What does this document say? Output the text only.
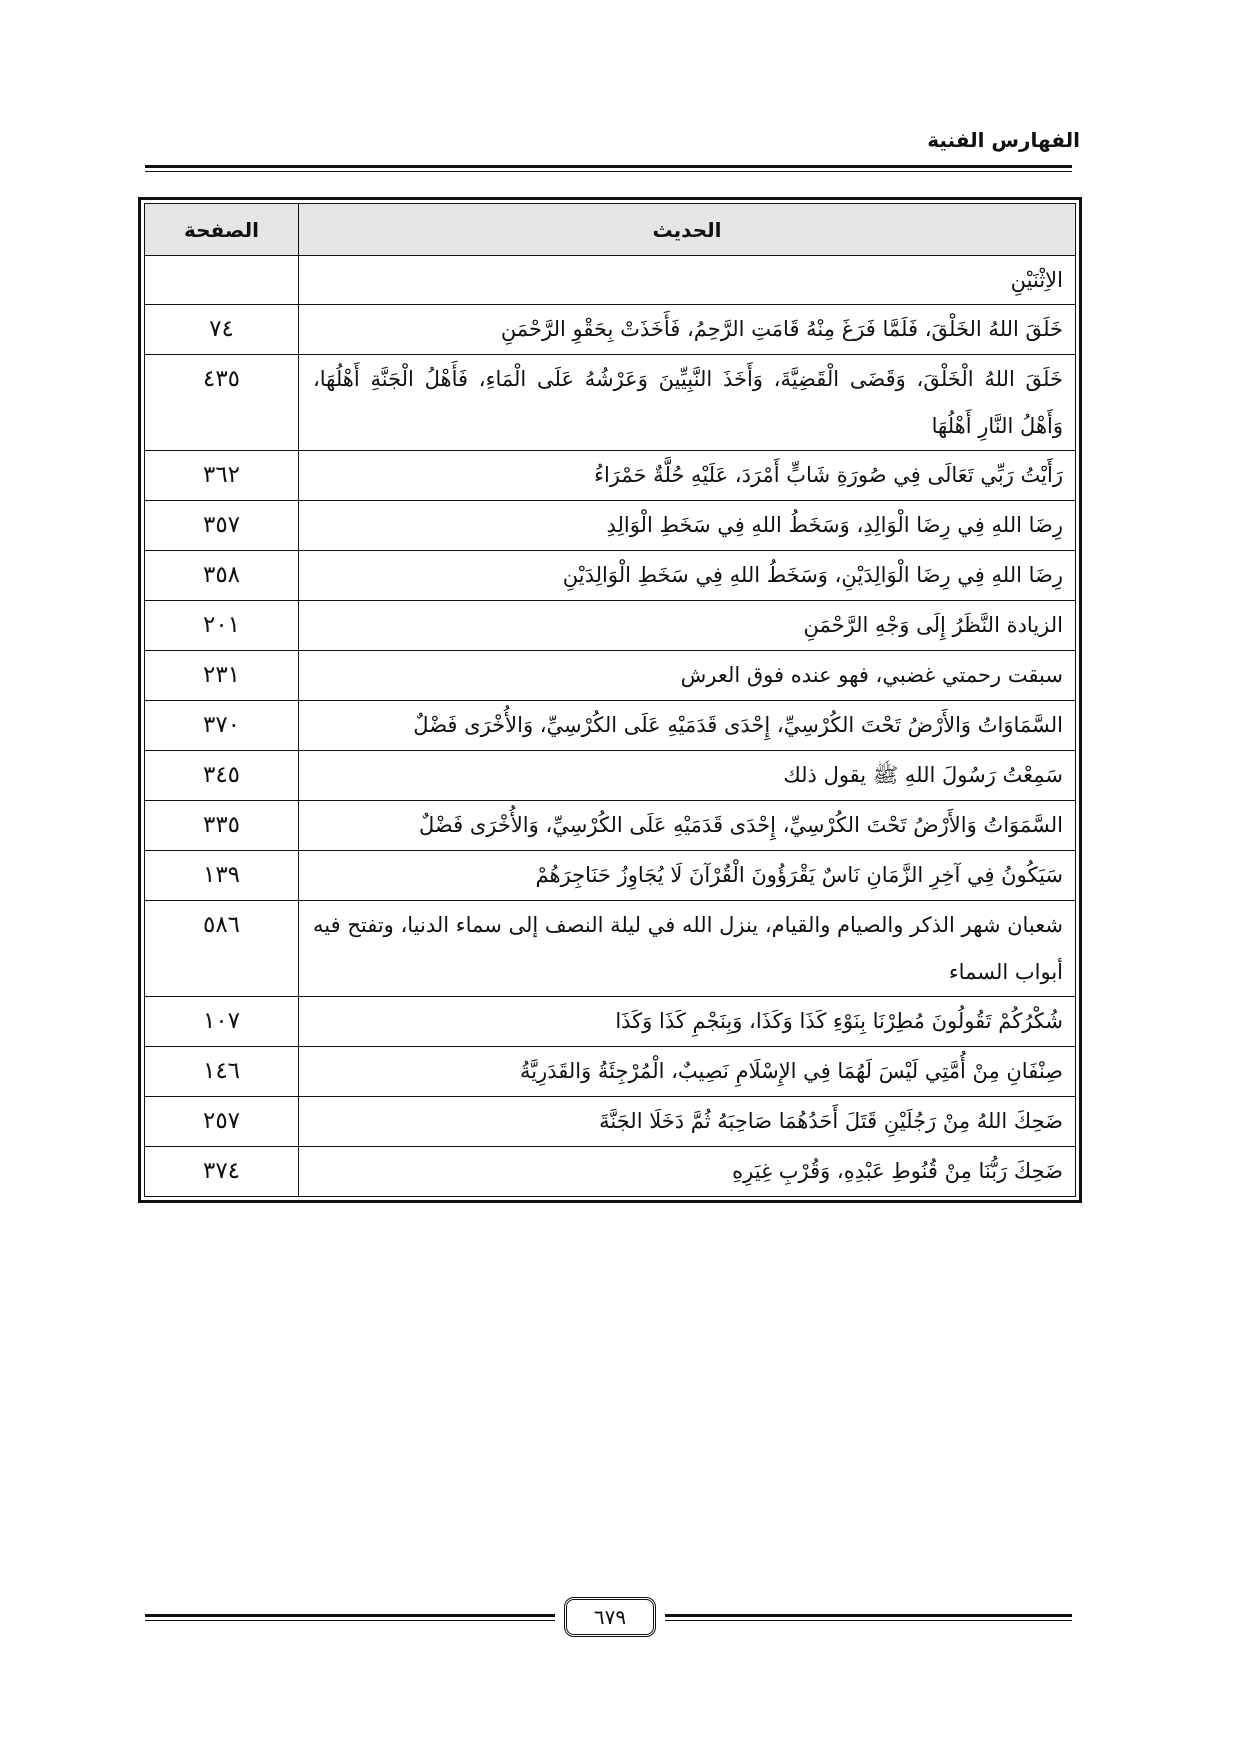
الفهارس الفنية

الحديث	الصفحة
الاِثْنَيْنِ	
خَلَقَ اللهُ الخَلْقَ، فَلَمَّا فَرَغَ مِنْهُ قَامَتِ الرَّحِمُ، فَأَخَذَتْ بِحَقْوِ الرَّحْمَنِ	٧٤
خَلَقَ اللهُ الْخَلْقَ، وَقَضَى الْقَضِيَّةَ، وَأَخَذَ النَّبِيِّينَ وَعَرْشُهُ عَلَى الْمَاءِ، فَأَهْلُ الْجَنَّةِ أَهْلُهَا، وَأَهْلُ النَّارِ أَهْلُهَا	٤٣٥
رَأَيْتُ رَبِّي تَعَالَى فِي صُورَةِ شَابٍّ أَمْرَدَ، عَلَيْهِ حُلَّةٌ حَمْرَاءُ	٣٦٢
رِضَا اللهِ فِي رِضَا الْوَالِدِ، وَسَخَطُ اللهِ فِي سَخَطِ الْوَالِدِ	٣٥٧
رِضَا اللهِ فِي رِضَا الْوَالِدَيْنِ، وَسَخَطُ اللهِ فِي سَخَطِ الْوَالِدَيْنِ	٣٥٨
الزيادة النَّظَرُ إِلَى وَجْهِ الرَّحْمَنِ	٢٠١
سبقت رحمتي غضبي، فهو عنده فوق العرش	٢٣١
السَّمَاوَاتُ وَالأَرْضُ تَحْتَ الكُرْسِيِّ، إِحْدَى قَدَمَيْهِ عَلَى الكُرْسِيِّ، وَالأُخْرَى فَضْلٌ	٣٧٠
سَمِعْتُ رَسُولَ اللهِ ﷺ يقول ذلك	٣٤٥
السَّمَوَاتُ وَالأَرْضُ تَحْتَ الكُرْسِيِّ، إِحْدَى قَدَمَيْهِ عَلَى الكُرْسِيِّ، وَالأُخْرَى فَضْلٌ	٣٣٥
سَيَكُونُ فِي آخِرِ الزَّمَانِ نَاسٌ يَقْرَؤُونَ الْقُرْآنَ لَا يُجَاوِزُ حَنَاجِرَهُمْ	١٣٩
شعبان شهر الذكر والصيام والقيام، ينزل الله في ليلة النصف إلى سماء الدنيا، وتفتح فيه أبواب السماء	٥٨٦
شُكْرُكُمْ تَقُولُونَ مُطِرْنَا بِنَوْءِ كَذَا وَكَذَا، وَبِنَجْمِ كَذَا وَكَذَا	١٠٧
صِنْفَانِ مِنْ أُمَّتِي لَيْسَ لَهُمَا فِي الإِسْلَامِ نَصِيبٌ، الْمُرْجِئَةُ وَالقَدَرِيَّةُ	١٤٦
ضَحِكَ اللهُ مِنْ رَجُلَيْنِ قَتَلَ أَحَدُهُمَا صَاحِبَهُ ثُمَّ دَخَلَا الجَنَّةَ	٢٥٧
ضَحِكَ رَبُّنَا مِنْ قُنُوطِ عَبْدِهِ، وَقُرْبِ غِيَرِهِ	٣٧٤

٦٧٩
